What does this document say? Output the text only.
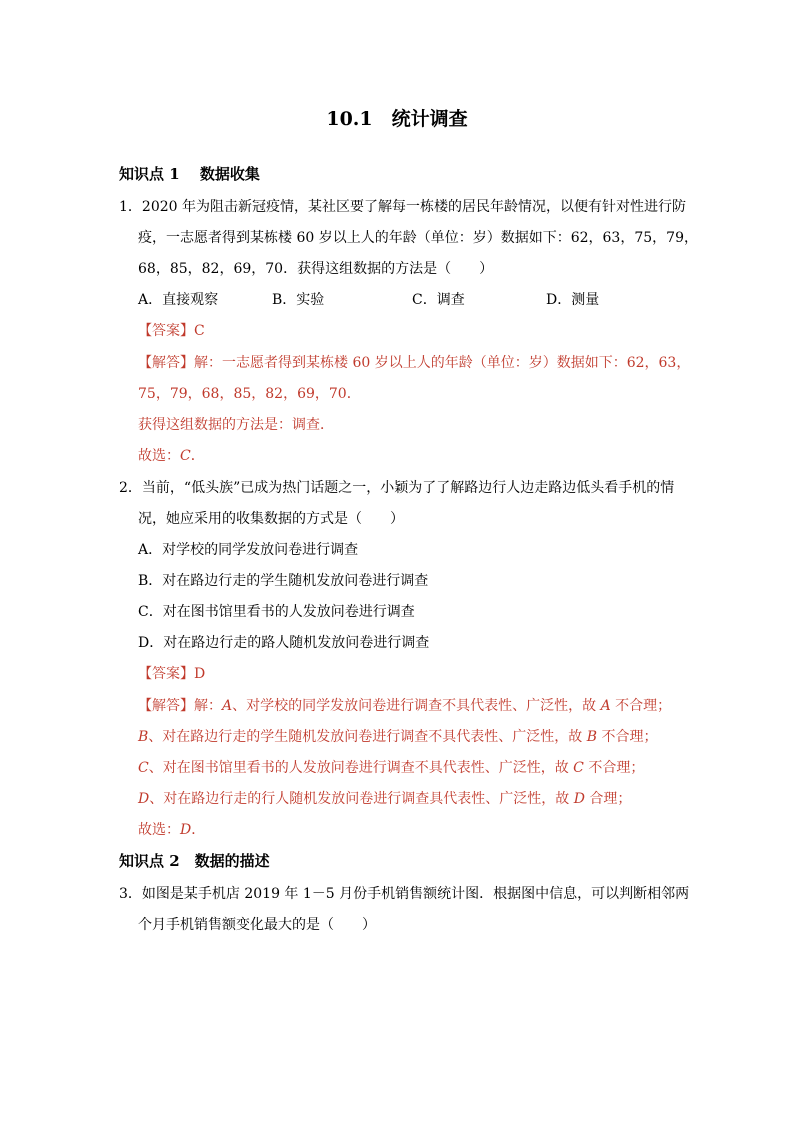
10.1　统计调查
知识点 1　 数据收集
1．2020 年为阻击新冠疫情，某社区要了解每一栋楼的居民年龄情况，以便有针对性进行防
疫，一志愿者得到某栋楼 60 岁以上人的年龄（单位：岁）数据如下：62，63，75，79，
68，85，82，69，70．获得这组数据的方法是（　　）
A．直接观察	B．实验	C．调查	D．测量
【答案】C
【解答】解：一志愿者得到某栋楼 60 岁以上人的年龄（单位：岁）数据如下：62，63，
75，79，68，85，82，69，70．
获得这组数据的方法是：调查．
故选：C．
2．当前，“低头族”已成为热门话题之一，小颖为了了解路边行人边走路边低头看手机的情
况，她应采用的收集数据的方式是（　　）
A．对学校的同学发放问卷进行调查
B．对在路边行走的学生随机发放问卷进行调查
C．对在图书馆里看书的人发放问卷进行调查
D．对在路边行走的路人随机发放问卷进行调查
【答案】D
【解答】解：A、对学校的同学发放问卷进行调查不具代表性、广泛性，故 A 不合理；
B、对在路边行走的学生随机发放问卷进行调查不具代表性、广泛性，故 B 不合理；
C、对在图书馆里看书的人发放问卷进行调查不具代表性、广泛性，故 C 不合理；
D、对在路边行走的行人随机发放问卷进行调查具代表性、广泛性，故 D 合理；
故选：D．
知识点 2　数据的描述
3．如图是某手机店 2019 年 1－5 月份手机销售额统计图．根据图中信息，可以判断相邻两
个月手机销售额变化最大的是（　　）
